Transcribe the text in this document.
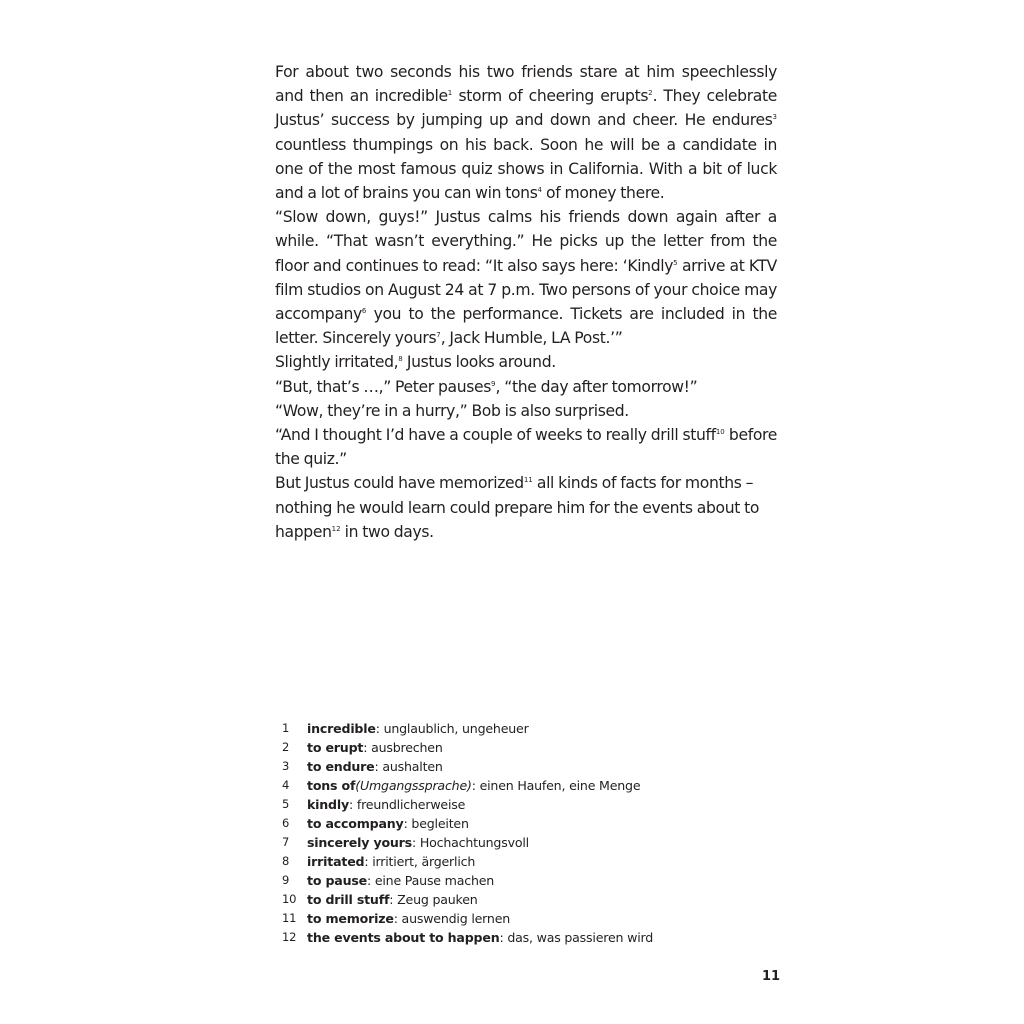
For about two seconds his two friends stare at him speechlessly and then an incredible$^1$ storm of cheering erupts$^2$. They celebrate Justus’ success by jumping up and down and cheer. He endures$^3$ countless thumpings on his back. Soon he will be a candidate in one of the most famous quiz shows in California. With a bit of luck and a lot of brains you can win tons$^4$ of money there.

“Slow down, guys!” Justus calms his friends down again after a while. “That wasn’t everything.” He picks up the letter from the floor and continues to read: “It also says here: ‘Kindly$^5$ arrive at KTV film studios on August 24 at 7 p.m. Two persons of your choice may accompany$^6$ you to the performance. Tickets are included in the letter. Sincerely yours$^7$, Jack Humble, LA Post.’”

Slightly irritated,$^8$ Justus looks around.

“But, that’s …,” Peter pauses$^9$, “the day after tomorrow!”

“Wow, they’re in a hurry,” Bob is also surprised.

“And I thought I’d have a couple of weeks to really drill stuff$^{10}$ before the quiz.”

But Justus could have memorized$^{11}$ all kinds of facts for months – nothing he would learn could prepare him for the events about to happen$^{12}$ in two days.

1	incredible : unglaublich, ungeheuer
2	to erupt : ausbrechen
3	to endure : aushalten
4	tons of (Umgangssprache) : einen Haufen, eine Menge
5	kindly : freundlicherweise
6	to accompany : begleiten
7	sincerely yours : Hochachtungsvoll
8	irritated : irritiert, ärgerlich
9	to pause : eine Pause machen
10 to drill stuff : Zeug pauken
11 to memorize : auswendig lernen
12 the events about to happen : das, was passieren wird
11
